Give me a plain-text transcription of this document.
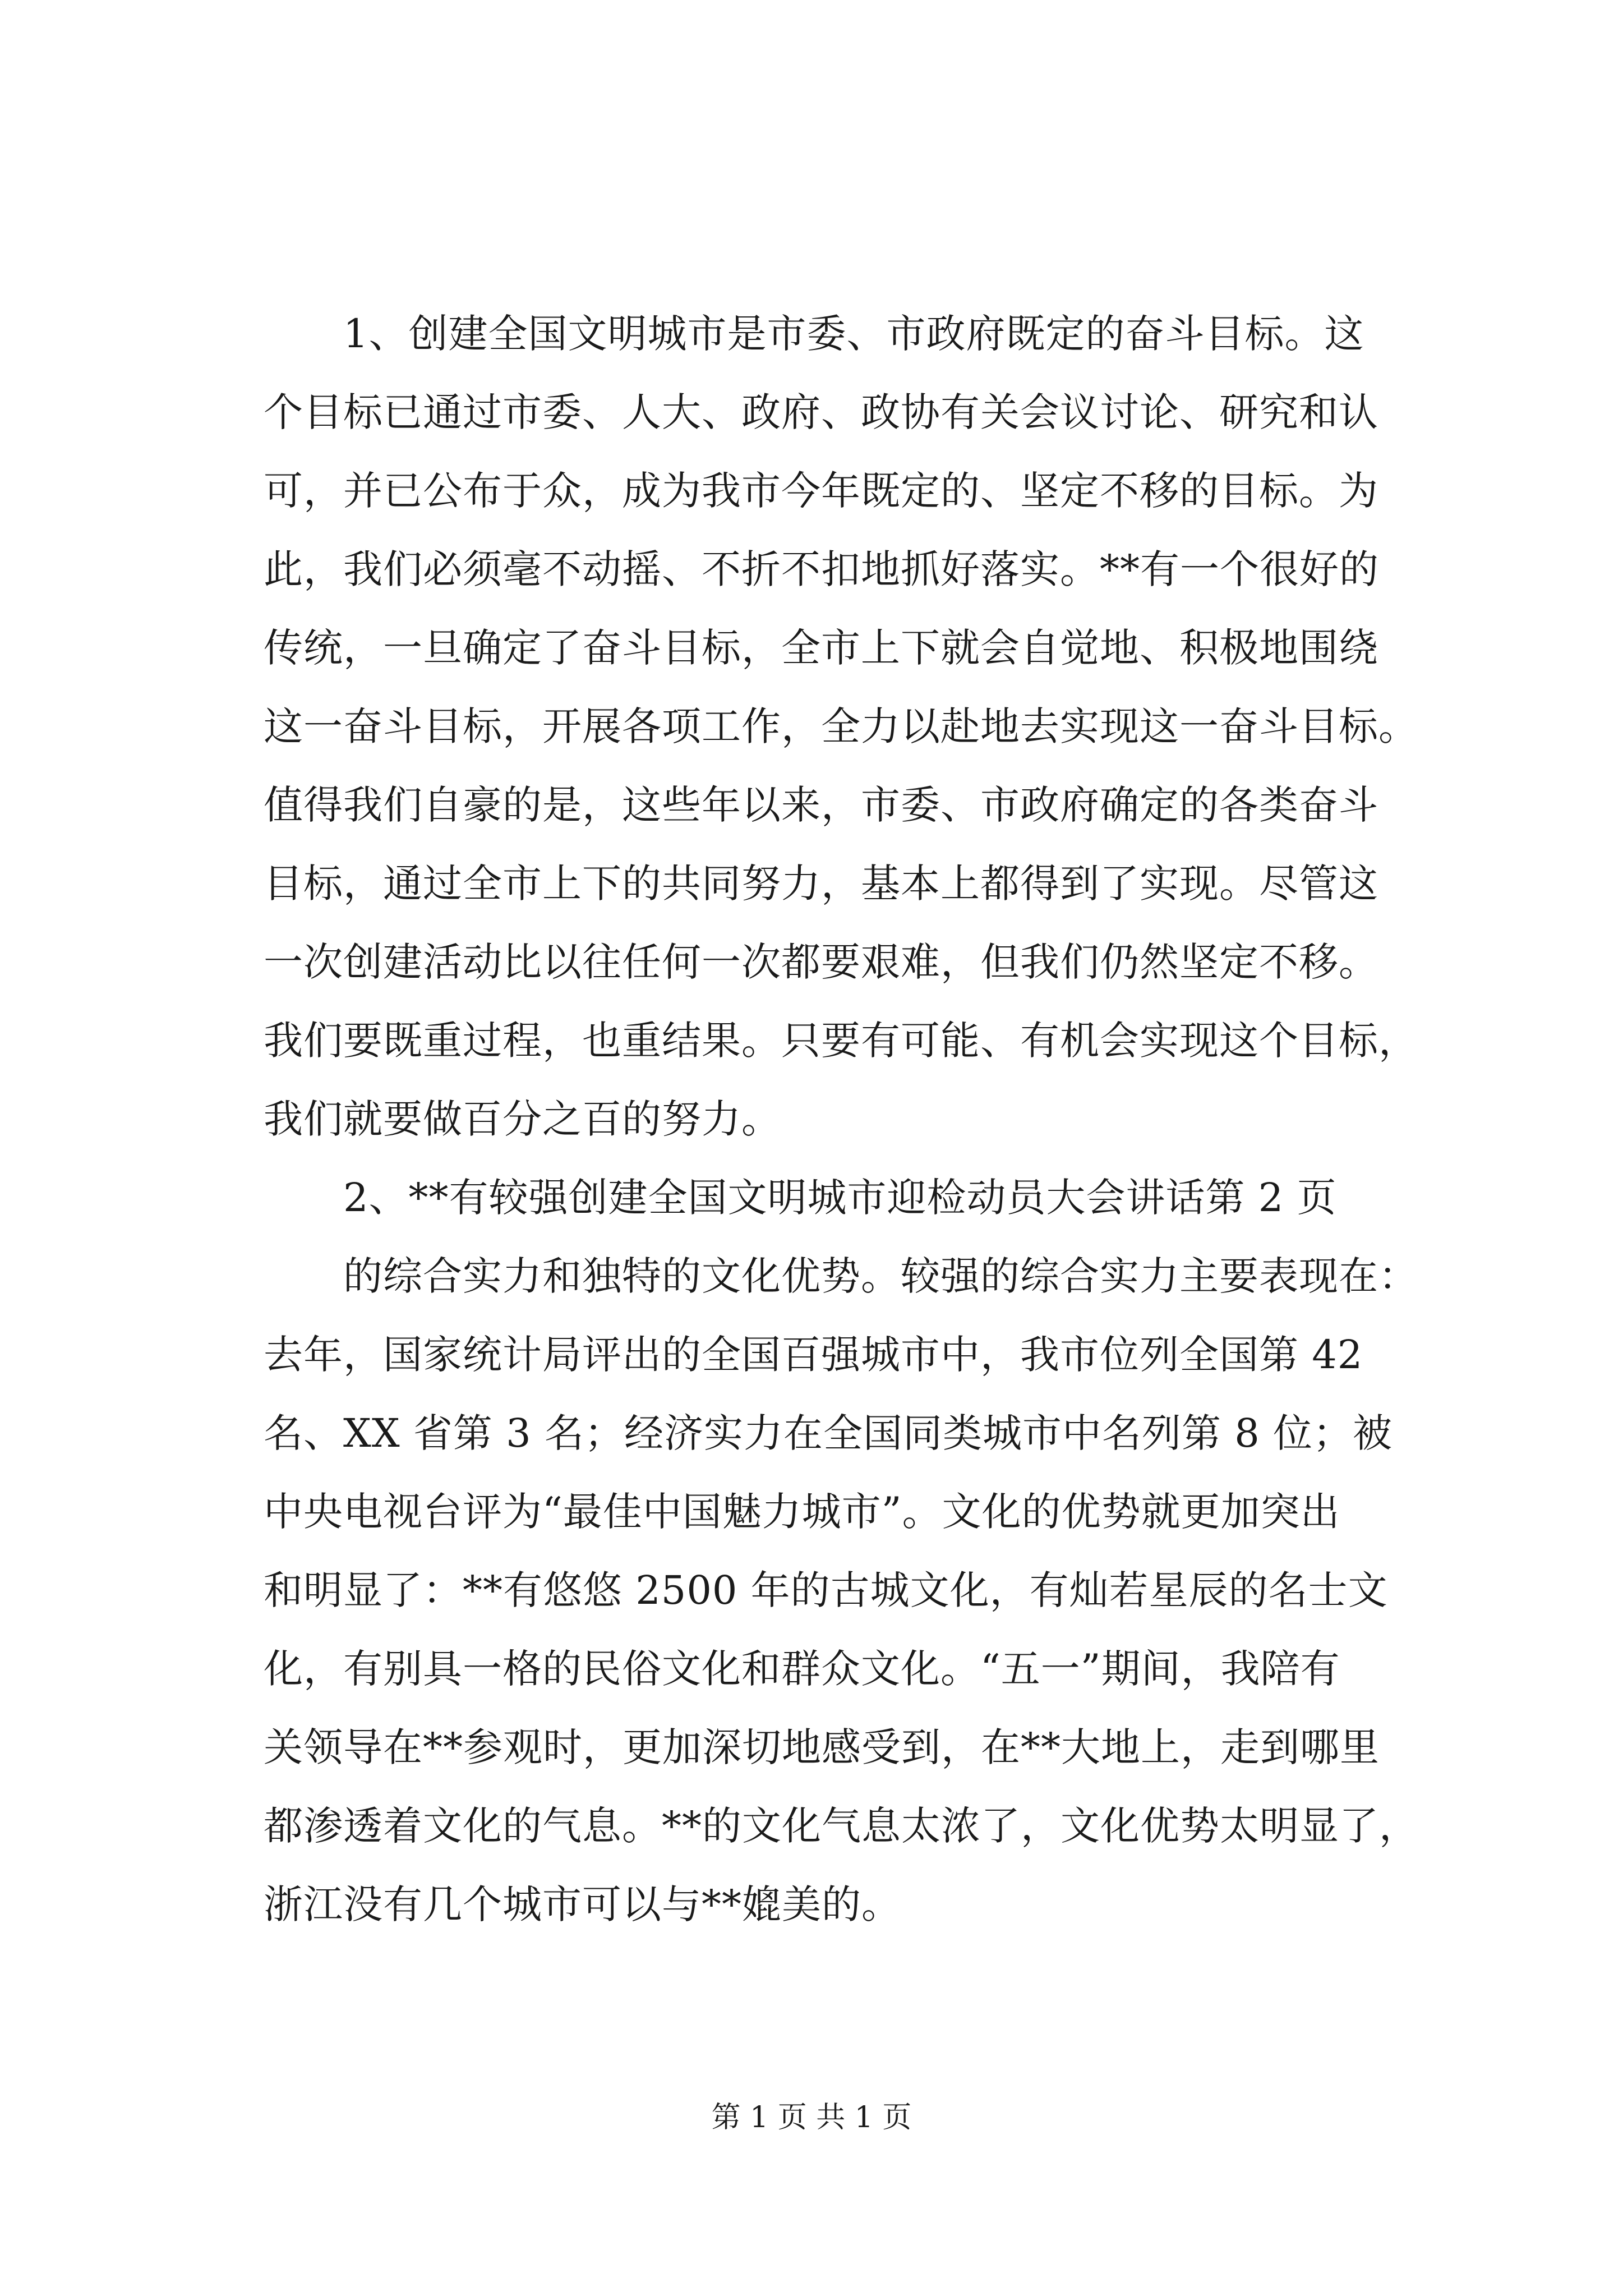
　　1、创建全国文明城市是市委、市政府既定的奋斗目标。这
个目标已通过市委、人大、政府、政协有关会议讨论、研究和认
可，并已公布于众，成为我市今年既定的、坚定不移的目标。为
此，我们必须毫不动摇、不折不扣地抓好落实。**有一个很好的
传统，一旦确定了奋斗目标，全市上下就会自觉地、积极地围绕
这一奋斗目标，开展各项工作，全力以赴地去实现这一奋斗目标。
值得我们自豪的是，这些年以来，市委、市政府确定的各类奋斗
目标，通过全市上下的共同努力，基本上都得到了实现。尽管这
一次创建活动比以往任何一次都要艰难，但我们仍然坚定不移。
我们要既重过程，也重结果。只要有可能、有机会实现这个目标，
我们就要做百分之百的努力。
　　2、**有较强创建全国文明城市迎检动员大会讲话第 2 页
　　的综合实力和独特的文化优势。较强的综合实力主要表现在：
去年，国家统计局评出的全国百强城市中，我市位列全国第 42
名、XX 省第 3 名；经济实力在全国同类城市中名列第 8 位；被
中央电视台评为“最佳中国魅力城市”。文化的优势就更加突出
和明显了：**有悠悠 2500 年的古城文化，有灿若星辰的名士文
化，有别具一格的民俗文化和群众文化。“五一”期间，我陪有
关领导在**参观时，更加深切地感受到，在**大地上，走到哪里
都渗透着文化的气息。**的文化气息太浓了，文化优势太明显了，
浙江没有几个城市可以与**媲美的。
第 1 页 共 1 页
